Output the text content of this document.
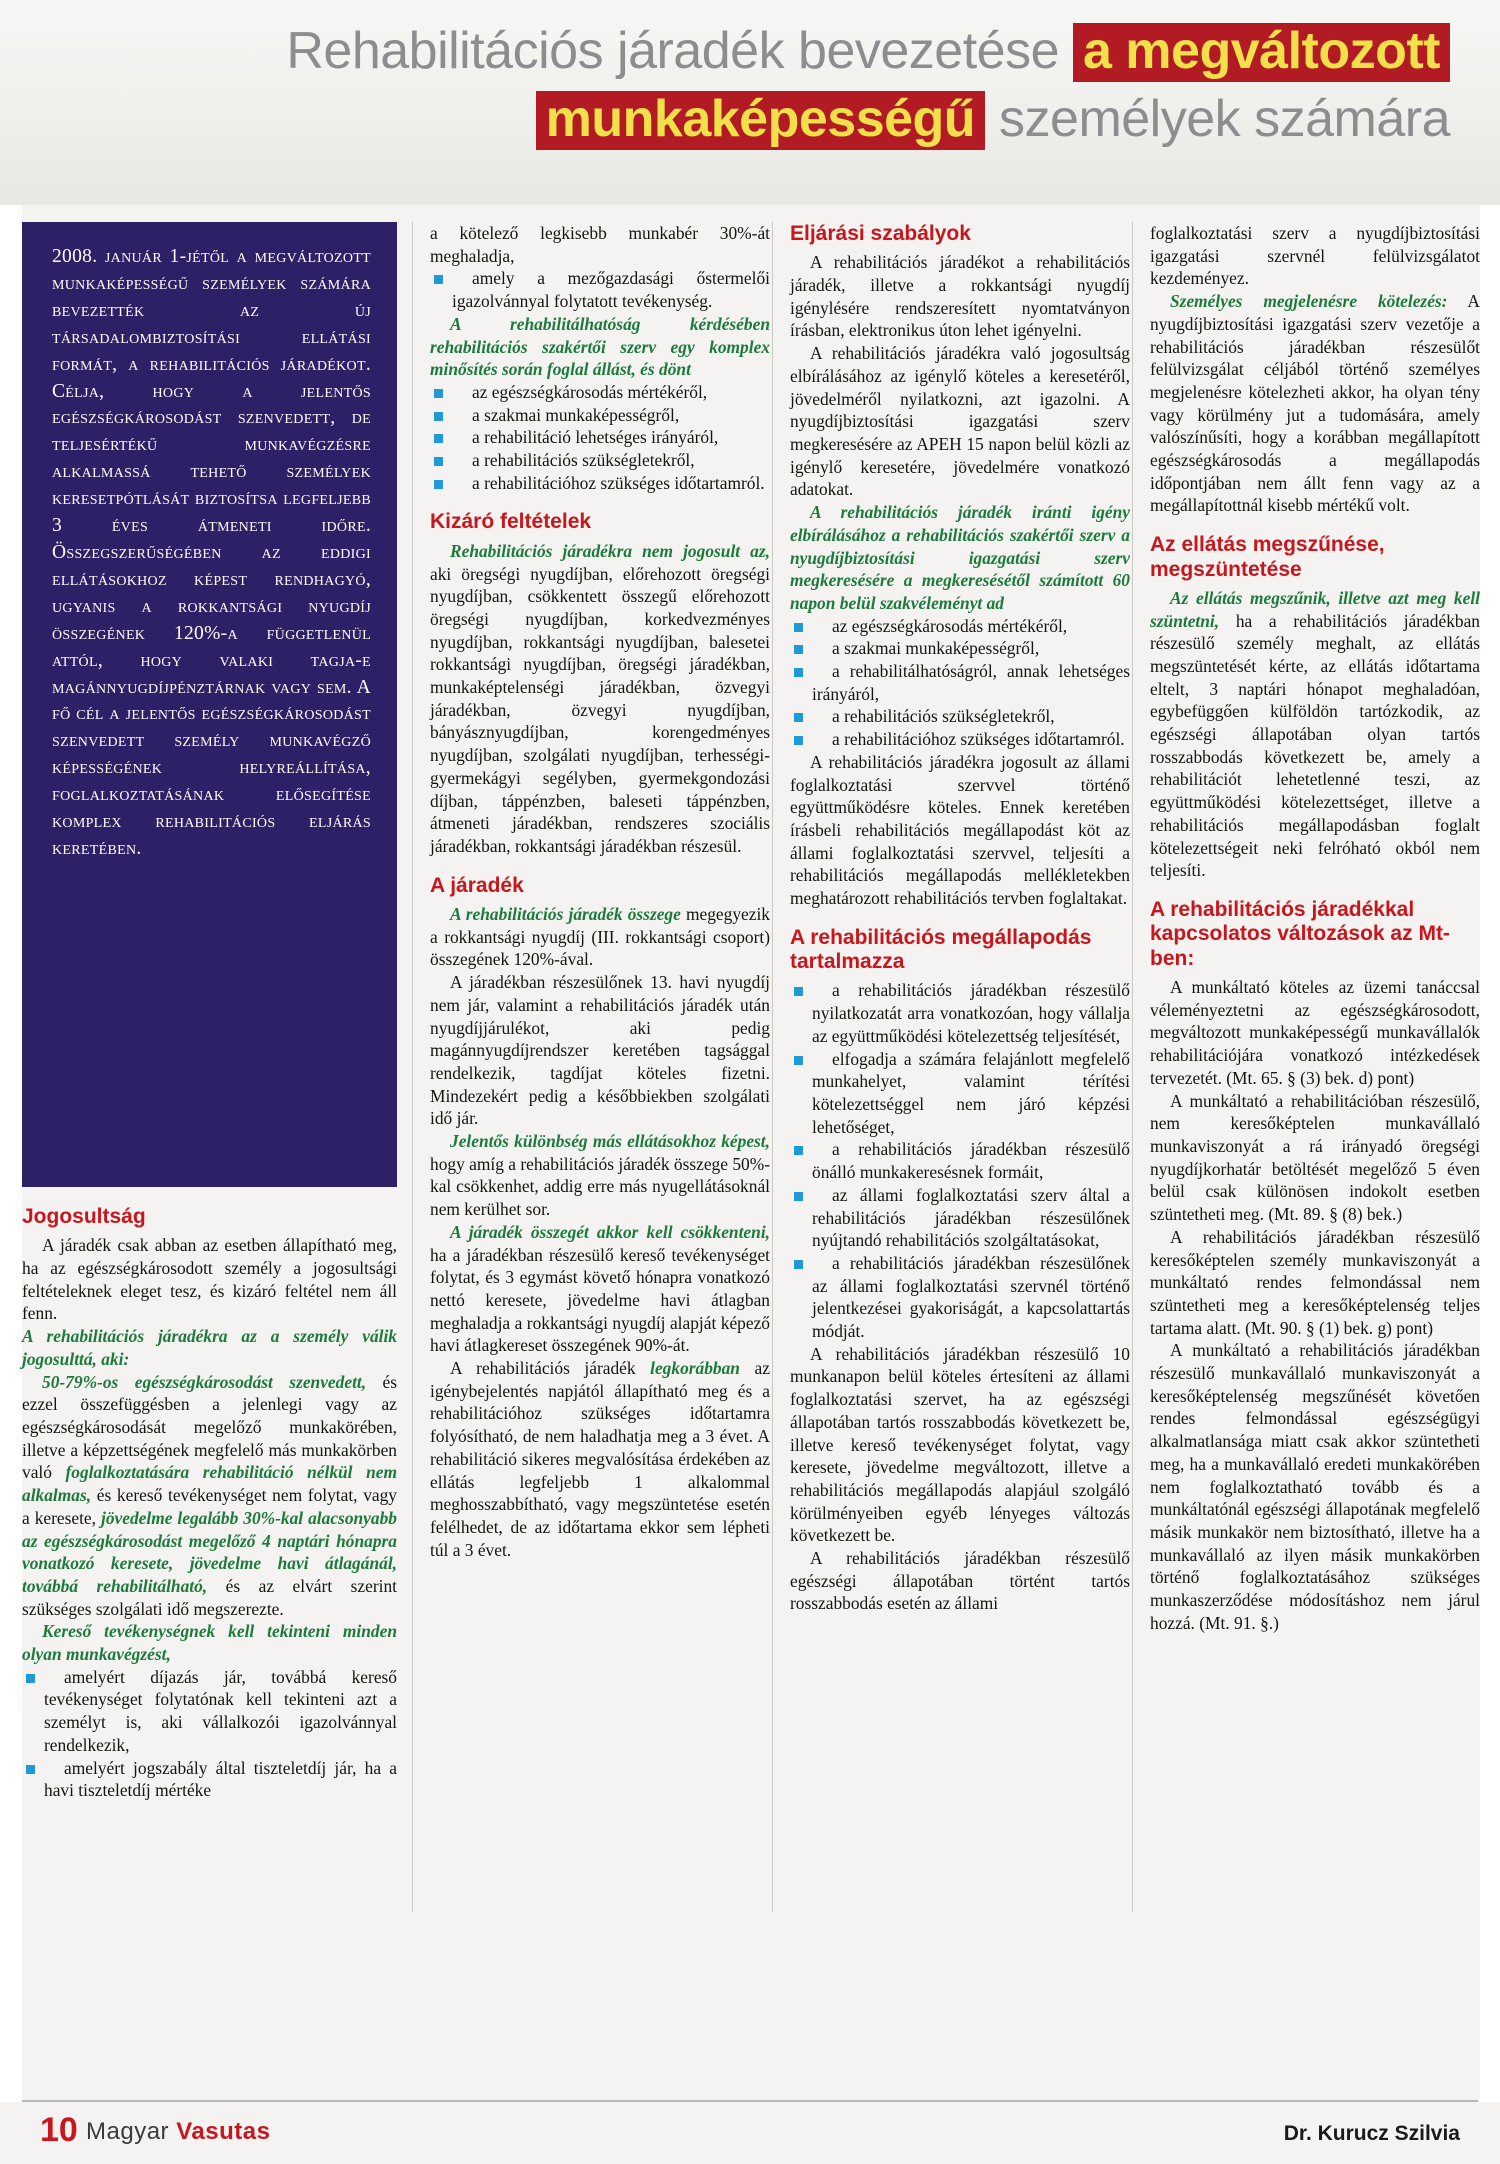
Rehabilitációs járadék bevezetése a megváltozott
munkaképességű személyek számára
2008. január 1-jétől a megváltozott munkaképességű személyek számára bevezették az új társadalombiztosítási ellátási formát, a rehabilitációs járadékot. Célja, hogy a jelentős egészségkárosodást szenvedett, de teljesértékű munkavégzésre alkalmassá tehető személyek keresetpótlását biztosítsa legfeljebb 3 éves átmeneti időre. Összegszerűségében az eddigi ellátásokhoz képest rendhagyó, ugyanis a rokkantsági nyugdíj összegének 120%-a függetlenül attól, hogy valaki tagja-e magánnyugdíjpénztárnak vagy sem. A fő cél a jelentős egészségkárosodást szenvedett személy munkavégző képességének helyreállítása, foglalkoztatásának elősegítése komplex rehabilitációs eljárás keretében.
Jogosultság

A járadék csak abban az esetben állapítható meg, ha az egészségkárosodott személy a jogosultsági feltételeknek eleget tesz, és kizáró feltétel nem áll fenn.

A rehabilitációs járadékra az a személy válik jogosulttá, aki:

50-79%-os egészségkárosodást szenvedett, és ezzel összefüggésben a jelenlegi vagy az egészségkárosodását megelőző munkakörében, illetve a képzettségének megfelelő más munkakörben való foglalkoztatására rehabilitáció nélkül nem alkalmas, és kereső tevékenységet nem folytat, vagy a keresete, jövedelme legalább 30%-kal alacsonyabb az egészségkárosodást megelőző 4 naptári hónapra vonatkozó keresete, jövedelme havi átlagánál, továbbá rehabilitálható, és az elvárt szerint szükséges szolgálati idő megszerezte.

Kereső tevékenységnek kell tekinteni minden olyan munkavégzést,

amelyért díjazás jár, továbbá kereső tevékenységet folytatónak kell tekinteni azt a személyt is, aki vállalkozói igazolvánnyal rendelkezik,

amelyért jogszabály által tiszteletdíj jár, ha a havi tiszteletdíj mértéke

a kötelező legkisebb munkabér 30%-át meghaladja,

amely a mezőgazdasági őstermelői igazolvánnyal folytatott tevékenység.

A rehabilitálhatóság kérdésében rehabilitációs szakértői szerv egy komplex minősítés során foglal állást, és dönt

az egészségkárosodás mértékéről,

a szakmai munkaképességről,

a rehabilitáció lehetséges irányáról,

a rehabilitációs szükségletekről,

a rehabilitációhoz szükséges időtartamról.

Kizáró feltételek

Rehabilitációs járadékra nem jogosult az, aki öregségi nyugdíjban, előrehozott öregségi nyugdíjban, csökkentett összegű előrehozott öregségi nyugdíjban, korkedvezményes nyugdíjban, rokkantsági nyugdíjban, balesetei rokkantsági nyugdíjban, öregségi járadékban, munkaképtelenségi járadékban, özvegyi járadékban, özvegyi nyugdíjban, bányásznyugdíjban, korengedményes nyugdíjban, szolgálati nyugdíjban, terhességi-gyermekágyi segélyben, gyermekgondozási díjban, táppénzben, baleseti táppénzben, átmeneti járadékban, rendszeres szociális járadékban, rokkantsági járadékban részesül.

A járadék

A rehabilitációs járadék összege megegyezik a rokkantsági nyugdíj (III. rokkantsági csoport) összegének 120%-ával.

A járadékban részesülőnek 13. havi nyugdíj nem jár, valamint a rehabilitációs járadék után nyugdíjjárulékot, aki pedig magánnyugdíjrendszer keretében tagsággal rendelkezik, tagdíjat köteles fizetni. Mindezekért pedig a későbbiekben szolgálati idő jár.

Jelentős különbség más ellátásokhoz képest, hogy amíg a rehabilitációs járadék összege 50%-kal csökkenhet, addig erre más nyugellátásoknál nem kerülhet sor.

A járadék összegét akkor kell csökkenteni, ha a járadékban részesülő kereső tevékenységet folytat, és 3 egymást követő hónapra vonatkozó nettó keresete, jövedelme havi átlagban meghaladja a rokkantsági nyugdíj alapját képező havi átlagkereset összegének 90%-át.

A rehabilitációs járadék legkorábban az igénybejelentés napjától állapítható meg és a rehabilitációhoz szükséges időtartamra folyósítható, de nem haladhatja meg a 3 évet. A rehabilitáció sikeres megvalósítása érdekében az ellátás legfeljebb 1 alkalommal meghosszabbítható, vagy megszüntetése esetén felélhedet, de az időtartama ekkor sem lépheti túl a 3 évet.

Eljárási szabályok

A rehabilitációs járadékot a rehabilitációs járadék, illetve a rokkantsági nyugdíj igénylésére rendszeresített nyomtatványon írásban, elektronikus úton lehet igényelni.

A rehabilitációs járadékra való jogosultság elbírálásához az igénylő köteles a keresetéről, jövedelméről nyilatkozni, azt igazolni. A nyugdíjbiztosítási igazgatási szerv megkeresésére az APEH 15 napon belül közli az igénylő keresetére, jövedelmére vonatkozó adatokat.

A rehabilitációs járadék iránti igény elbírálásához a rehabilitációs szakértői szerv a nyugdíjbiztosítási igazgatási szerv megkeresésére a megkeresésétől számított 60 napon belül szakvéleményt ad

az egészségkárosodás mértékéről,

a szakmai munkaképességről,

a rehabilitálhatóságról, annak lehetséges irányáról,

a rehabilitációs szükségletekről,

a rehabilitációhoz szükséges időtartamról.

A rehabilitációs járadékra jogosult az állami foglalkoztatási szervvel történő együttműködésre köteles. Ennek keretében írásbeli rehabilitációs megállapodást köt az állami foglalkoztatási szervvel, teljesíti a rehabilitációs megállapodás mellékletekben meghatározott rehabilitációs tervben foglaltakat.

A rehabilitációs megállapodás tartalmazza

a rehabilitációs járadékban részesülő nyilatkozatát arra vonatkozóan, hogy vállalja az együttműködési kötelezettség teljesítését,

elfogadja a számára felajánlott megfelelő munkahelyet, valamint térítési kötelezettséggel nem járó képzési lehetőséget,

a rehabilitációs járadékban részesülő önálló munkakeresésnek formáit,

az állami foglalkoztatási szerv által a rehabilitációs járadékban részesülőnek nyújtandó rehabilitációs szolgáltatásokat,

a rehabilitációs járadékban részesülőnek az állami foglalkoztatási szervnél történő jelentkezései gyakoriságát, a kapcsolattartás módját.

A rehabilitációs járadékban részesülő 10 munkanapon belül köteles értesíteni az állami foglalkoztatási szervet, ha az egészségi állapotában tartós rosszabbodás következett be, illetve kereső tevékenységet folytat, vagy keresete, jövedelme megváltozott, illetve a rehabilitációs megállapodás alapjául szolgáló körülményeiben egyéb lényeges változás következett be.

A rehabilitációs járadékban részesülő egészségi állapotában történt tartós rosszabbodás esetén az állami

foglalkoztatási szerv a nyugdíjbiztosítási igazgatási szervnél felülvizsgálatot kezdeményez.

Személyes megjelenésre kötelezés: A nyugdíjbiztosítási igazgatási szerv vezetője a rehabilitációs járadékban részesülőt felülvizsgálat céljából történő személyes megjelenésre kötelezheti akkor, ha olyan tény vagy körülmény jut a tudomására, amely valószínűsíti, hogy a korábban megállapított egészségkárosodás a megállapodás időpontjában nem állt fenn vagy az a megállapítottnál kisebb mértékű volt.

Az ellátás megszűnése, megszüntetése

Az ellátás megszűnik, illetve azt meg kell szüntetni, ha a rehabilitációs járadékban részesülő személy meghalt, az ellátás megszüntetését kérte, az ellátás időtartama eltelt, 3 naptári hónapot meghaladóan, egybefüggően külföldön tartózkodik, az egészségi állapotában olyan tartós rosszabbodás következett be, amely a rehabilitációt lehetetlenné teszi, az együttműködési kötelezettséget, illetve a rehabilitációs megállapodásban foglalt kötelezettségeit neki felróható okból nem teljesíti.

A rehabilitációs járadékkal kapcsolatos változások az Mt-ben:

A munkáltató köteles az üzemi tanáccsal véleményeztetni az egészségkárosodott, megváltozott munkaképességű munkavállalók rehabilitációjára vonatkozó intézkedések tervezetét. (Mt. 65. § (3) bek. d) pont)

A munkáltató a rehabilitációban részesülő, nem keresőképtelen munkavállaló munkaviszonyát a rá irányadó öregségi nyugdíjkorhatár betöltését megelőző 5 éven belül csak különösen indokolt esetben szüntetheti meg. (Mt. 89. § (8) bek.)

A rehabilitációs járadékban részesülő keresőképtelen személy munkaviszonyát a munkáltató rendes felmondással nem szüntetheti meg a keresőképtelenség teljes tartama alatt. (Mt. 90. § (1) bek. g) pont)

A munkáltató a rehabilitációs járadékban részesülő munkavállaló munkaviszonyát a keresőképtelenség megszűnését követően rendes felmondással egészségügyi alkalmatlansága miatt csak akkor szüntetheti meg, ha a munkavállaló eredeti munkakörében nem foglalkoztatható tovább és a munkáltatónál egészségi állapotának megfelelő másik munkakör nem biztosítható, illetve ha a munkavállaló az ilyen másik munkakörben történő foglalkoztatásához szükséges munkaszerződése módosításhoz nem járul hozzá. (Mt. 91. §.)

10 Magyar Vasutas	Dr. Kurucz Szilvia
